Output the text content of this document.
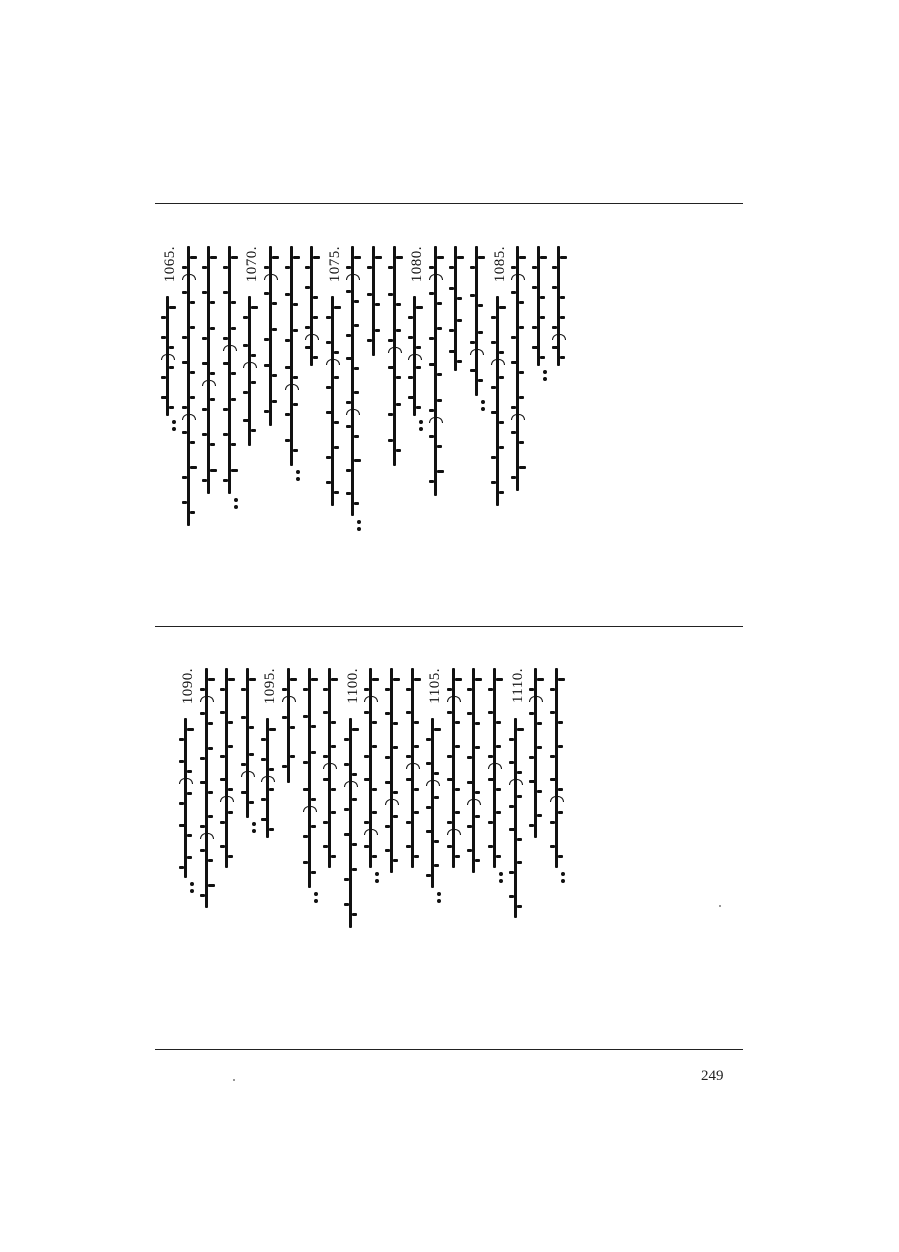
1065.	1070.	1075.	1080.	1085.
1090.	1095.	1100.	1105.	1110.
249
